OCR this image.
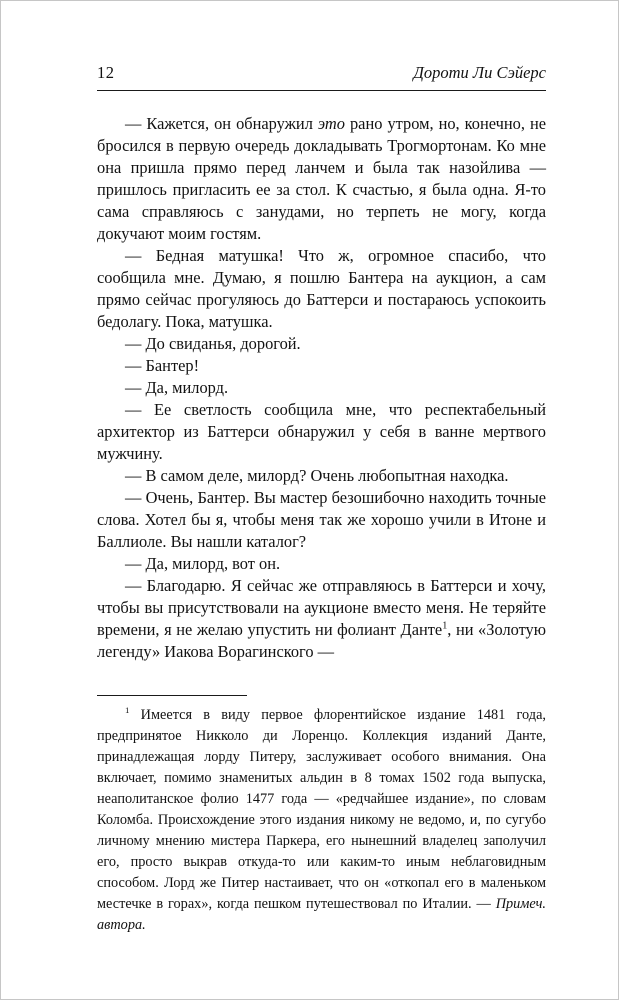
12	Дороти Ли Сэйерс

— Кажется, он обнаружил это рано утром, но, конечно, не бросился в первую очередь докладывать Трогмортонам. Ко мне она пришла прямо перед ланчем и была так назойлива — пришлось пригласить ее за стол. К счастью, я была одна. Я-то сама справляюсь с занудами, но терпеть не могу, когда докучают моим гостям.

— Бедная матушка! Что ж, огромное спасибо, что сообщила мне. Думаю, я пошлю Бантера на аукцион, а сам прямо сейчас прогуляюсь до Баттерси и постараюсь успокоить бедолагу. Пока, матушка.

— До свиданья, дорогой.

— Бантер!

— Да, милорд.

— Ее светлость сообщила мне, что респектабельный архитектор из Баттерси обнаружил у себя в ванне мертвого мужчину.

— В самом деле, милорд? Очень любопытная находка.

— Очень, Бантер. Вы мастер безошибочно находить точные слова. Хотел бы я, чтобы меня так же хорошо учили в Итоне и Баллиоле. Вы нашли каталог?

— Да, милорд, вот он.

— Благодарю. Я сейчас же отправляюсь в Баттерси и хочу, чтобы вы присутствовали на аукционе вместо меня. Не теряйте времени, я не желаю упустить ни фолиант Данте$^1$, ни «Золотую легенду» Иакова Ворагинского —

$^1$ Имеется в виду первое флорентийское издание 1481 года, предпринятое Никколо ди Лоренцо. Коллекция изданий Данте, принадлежащая лорду Питеру, заслуживает особого внимания. Она включает, помимо знаменитых альдин в 8 томах 1502 года выпуска, неаполитанское фолио 1477 года — «редчайшее издание», по словам Коломба. Происхождение этого издания никому не ведомо, и, по сугубо личному мнению мистера Паркера, его нынешний владелец заполучил его, просто выкрав откуда-то или каким-то иным неблаговидным способом. Лорд же Питер настаивает, что он «откопал его в маленьком местечке в горах», когда пешком путешествовал по Италии. — Примеч. автора.
